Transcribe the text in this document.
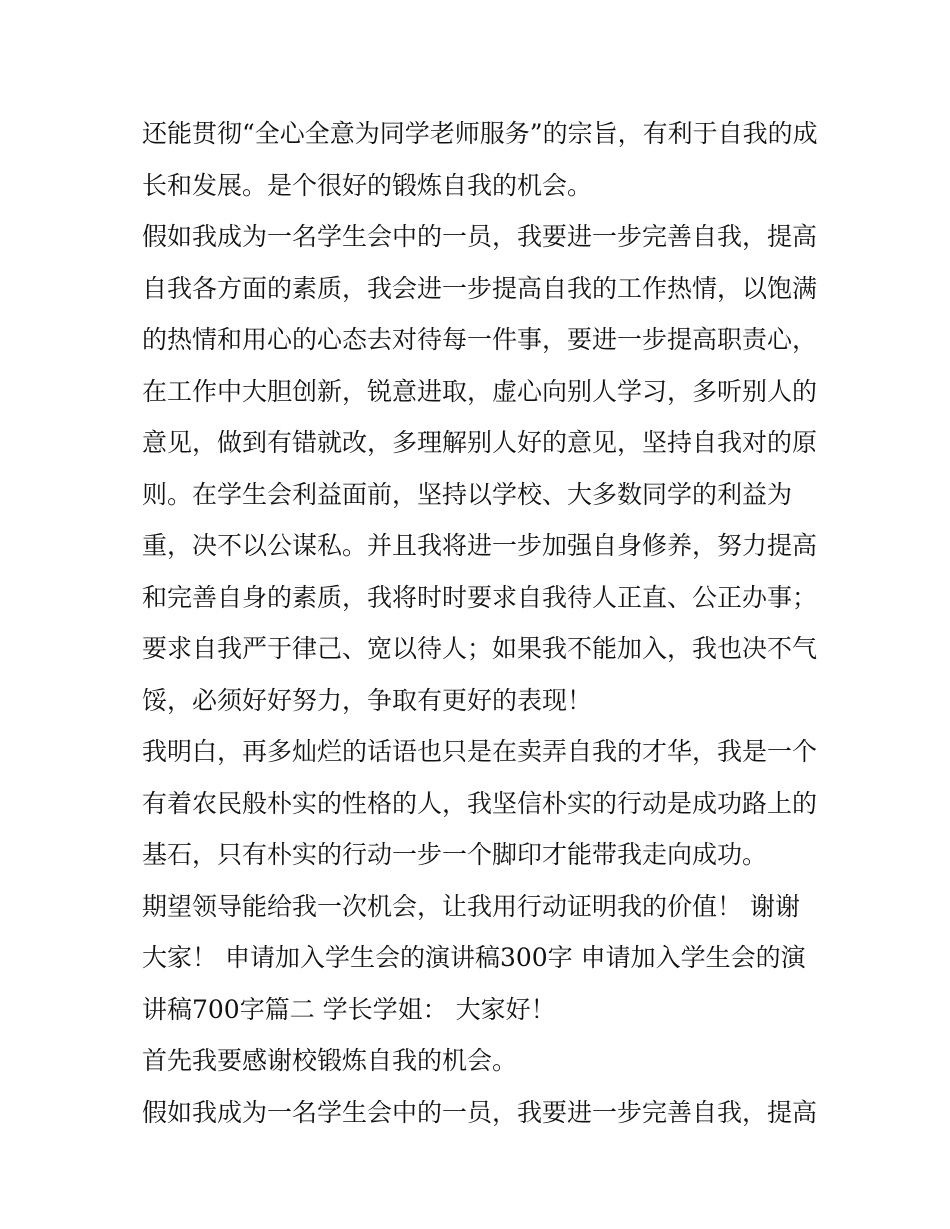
还能贯彻“全心全意为同学老师服务”的宗旨，有利于自我的成
长和发展。是个很好的锻炼自我的机会。
假如我成为一名学生会中的一员，我要进一步完善自我，提高
自我各方面的素质，我会进一步提高自我的工作热情，以饱满
的热情和用心的心态去对待每一件事，要进一步提高职责心，
在工作中大胆创新，锐意进取，虚心向别人学习，多听别人的
意见，做到有错就改，多理解别人好的意见，坚持自我对的原
则。在学生会利益面前，坚持以学校、大多数同学的利益为
重，决不以公谋私。并且我将进一步加强自身修养，努力提高
和完善自身的素质，我将时时要求自我待人正直、公正办事；
要求自我严于律己、宽以待人；如果我不能加入，我也决不气
馁，必须好好努力，争取有更好的表现！
我明白，再多灿烂的话语也只是在卖弄自我的才华，我是一个
有着农民般朴实的性格的人，我坚信朴实的行动是成功路上的
基石，只有朴实的行动一步一个脚印才能带我走向成功。
期望领导能给我一次机会，让我用行动证明我的价值！ 谢谢
大家！ 申请加入学生会的演讲稿300字 申请加入学生会的演
讲稿700字篇二 学长学姐： 大家好！
首先我要感谢校锻炼自我的机会。
假如我成为一名学生会中的一员，我要进一步完善自我，提高
